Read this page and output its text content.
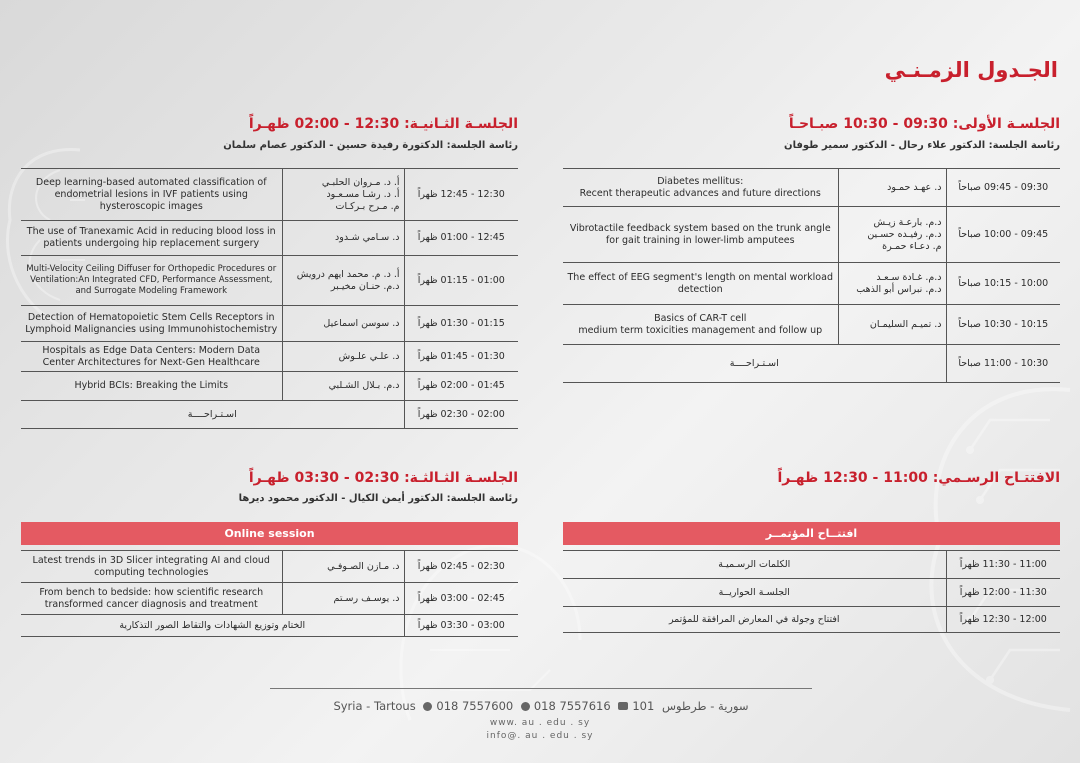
الجـدول الزمـنـي
الجلسـة الأولى: 09:30 - 10:30 صبـاحـاً
رئاسة الجلسة: الدكتور علاء رحال - الدكتور سمير طوفان
09:30 - 09:45 صباحاً	د. عهـد حمـود	Diabetes mellitus:
Recent therapeutic advances and future directions
09:45 - 10:00 صباحاً	د.م. بارعـة زيـش
د.م. رفيـده حسـين
م. دعـاء حمـرة	Vibrotactile feedback system based on the trunk angle for gait training in lower-limb amputees
10:00 - 10:15 صباحاً	د.م. غـادة سـعـد
د.م. نبراس أبو الذهب	The effect of EEG segment's length on mental workload detection
10:15 - 10:30 صباحاً	د. تميـم السليمـان	Basics of CAR-T cell
medium term toxicities management and follow up
10:30 - 11:00 صباحاً	اسـتـراحــــة	
الجلسـة الثـانيـة: 12:30 - 02:00 ظهـراً
رئاسة الجلسة: الدكتورة رفيدة حسين - الدكتور عصام سلمان
12:30 - 12:45 ظهراً	أ. د. مـروان الحلبـي
أ. د. رشـا مسـعـود
م. مـرح بـركـات	Deep learning-based automated classification of endometrial lesions in IVF patients using hysteroscopic images
12:45 - 01:00 ظهراً	د. سـامي شـدود	The use of Tranexamic Acid in reducing blood loss in patients undergoing hip replacement surgery
01:00 - 01:15 ظهراً	أ. د. م. محمد ايهم درويش
د.م. حنـان مخيـبر	Multi-Velocity Ceiling Diffuser for Orthopedic Procedures or Ventilation:An Integrated CFD, Performance Assessment, and Surrogate Modeling Framework
01:15 - 01:30 ظهراً	د. سوسن اسماعيل	Detection of Hematopoietic Stem Cells Receptors in Lymphoid Malignancies using Immunohistochemistry
01:30 - 01:45 ظهراً	د. علـي علـوش	Hospitals as Edge Data Centers: Modern Data Center Architectures for Next-Gen Healthcare
01:45 - 02:00 ظهراً	د.م. بـلال الشـلبي	Hybrid BCIs: Breaking the Limits
02:00 - 02:30 ظهراً	اسـتـراحــــة	
الافتتـاح الرسـمي: 11:00 - 12:30 ظهـراً
افتتــاح المؤتمــر
11:00 - 11:30 ظهراً	الكلمات الرسـميـة
11:30 - 12:00 ظهراً	الجلسـة الحواريــة
12:00 - 12:30 ظهراً	افتتاح وجولة في المعارض المرافقة للمؤتمر
الجلسـة الثـالثـة: 02:30 - 03:30 ظهـراً
رئاسة الجلسة: الدكتور أيمن الكيال - الدكتور محمود ديرها
Online session
02:30 - 02:45 ظهراً	د. مـازن الصـوفـي	Latest trends in 3D Slicer integrating AI and cloud computing technologies
02:45 - 03:00 ظهراً	د. يوسـف رسـتم	From bench to bedside: how scientific research transformed cancer diagnosis and treatment
03:00 - 03:30 ظهراً	الختام وتوزيع الشهادات والتقاط الصور التذكارية	
Syria - Tartous 018 7557600 018 7557616 101 سورية - طرطوس
www. au . edu . sy
info@. au . edu . sy
